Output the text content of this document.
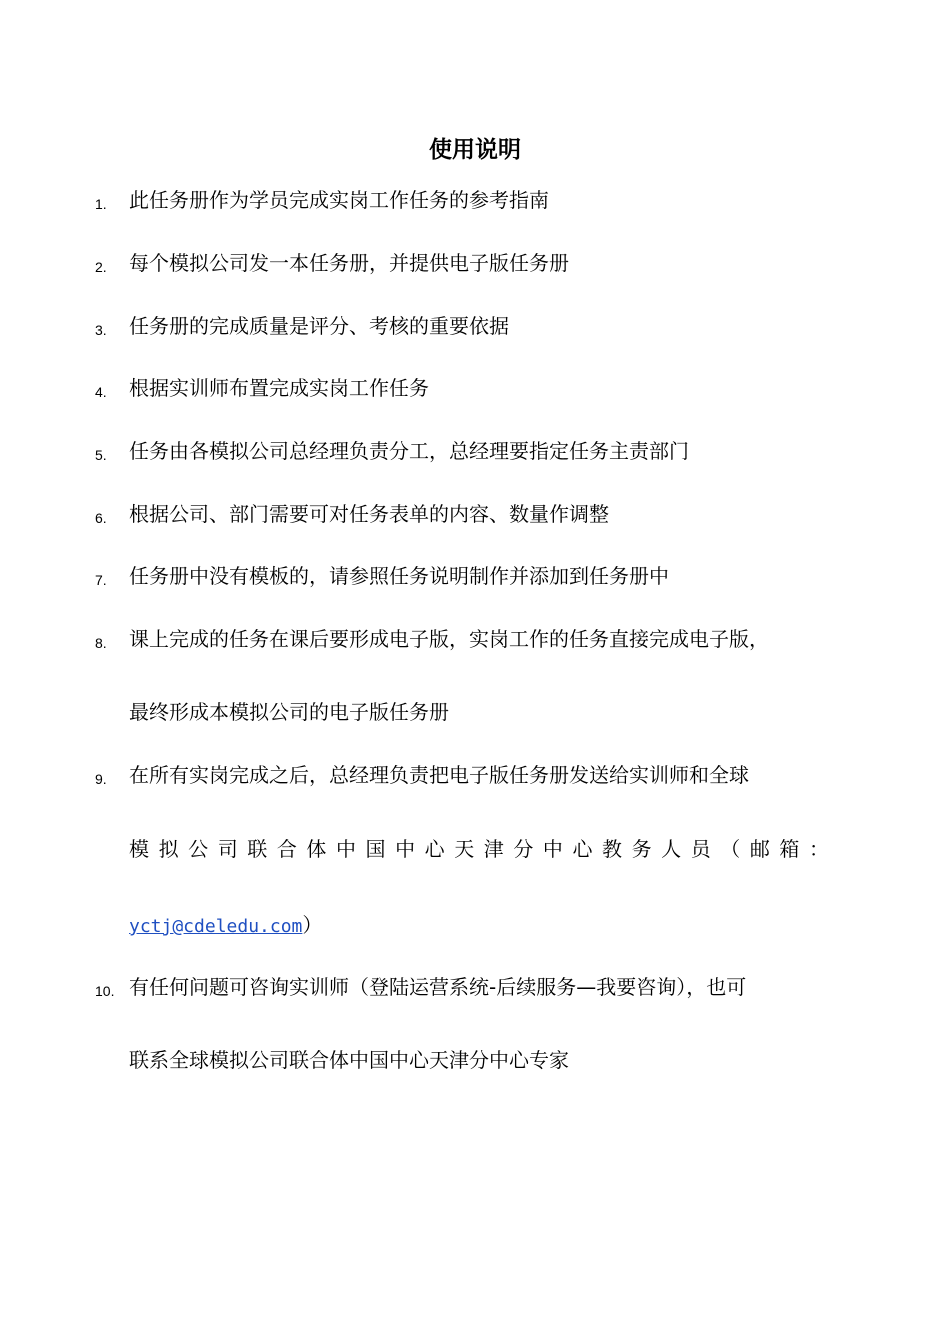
使用说明
1. 此任务册作为学员完成实岗工作任务的参考指南
2. 每个模拟公司发一本任务册，并提供电子版任务册
3. 任务册的完成质量是评分、考核的重要依据
4. 根据实训师布置完成实岗工作任务
5. 任务由各模拟公司总经理负责分工，总经理要指定任务主责部门
6. 根据公司、部门需要可对任务表单的内容、数量作调整
7. 任务册中没有模板的，请参照任务说明制作并添加到任务册中
8. 课上完成的任务在课后要形成电子版，实岗工作的任务直接完成电子版，
最终形成本模拟公司的电子版任务册
9. 在所有实岗完成之后，总经理负责把电子版任务册发送给实训师和全球
模拟公司联合体中国中心天津分中心教务人员（邮箱：
yctj@cdeledu.com）
10. 有任何问题可咨询实训师（登陆运营系统-后续服务—我要咨询），也可
联系全球模拟公司联合体中国中心天津分中心专家
